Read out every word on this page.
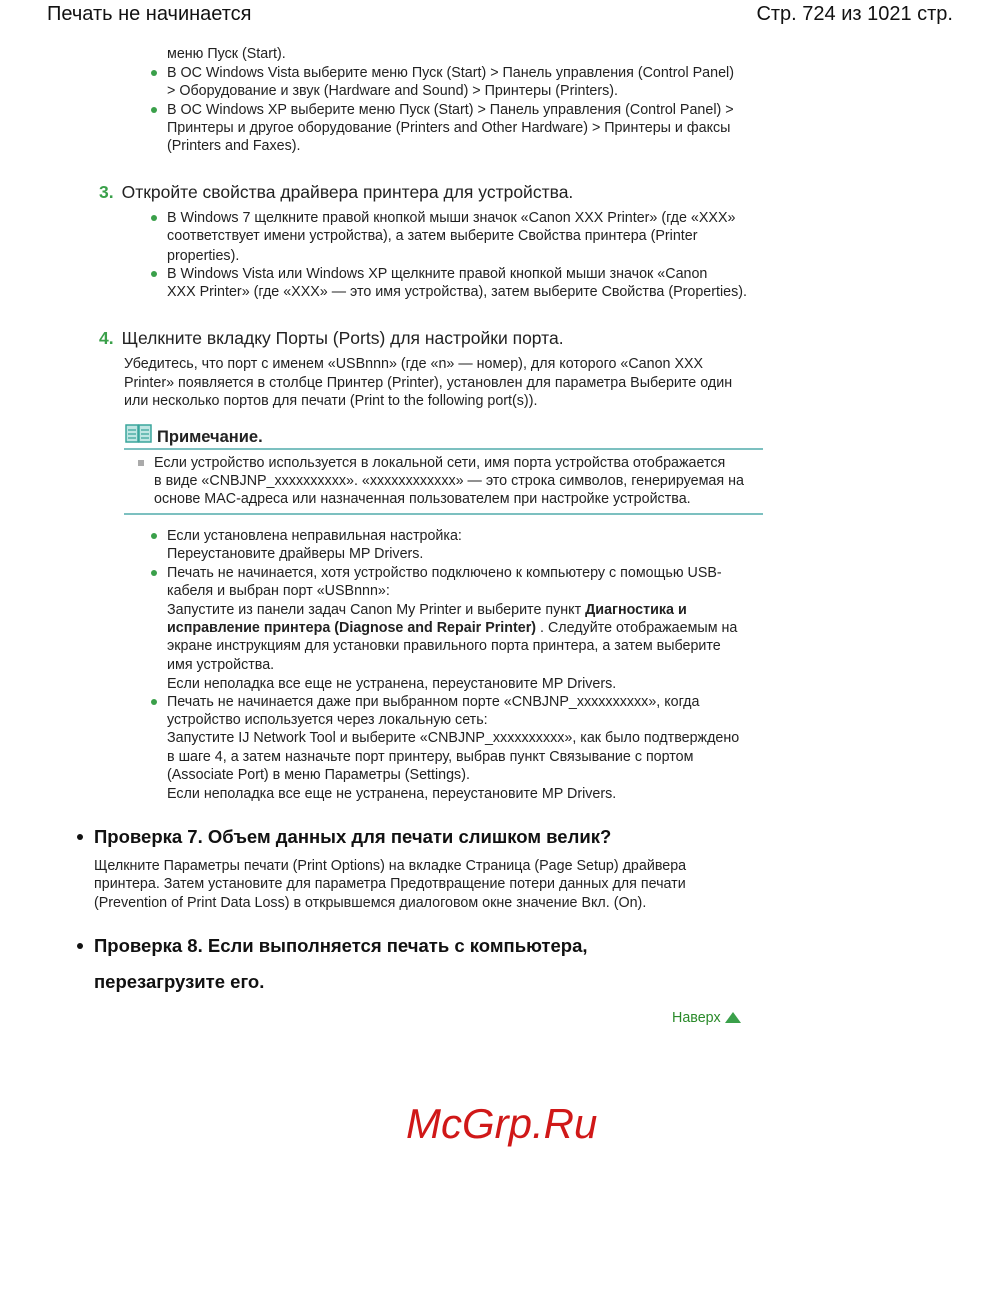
Печать не начинается	Стр. 724 из 1021 стр.
меню Пуск (Start).
В ОС Windows Vista выберите меню Пуск (Start) > Панель управления (Control Panel)
> Оборудование и звук (Hardware and Sound) > Принтеры (Printers).
В ОС Windows XP выберите меню Пуск (Start) > Панель управления (Control Panel) >
Принтеры и другое оборудование (Printers and Other Hardware) > Принтеры и факсы
(Printers and Faxes).
3. Откройте свойства драйвера принтера для устройства.
В Windows 7 щелкните правой кнопкой мыши значок «Canon XXX Printer» (где «XXX»
соответствует имени устройства), а затем выберите Свойства принтера (Printer
properties).
В Windows Vista или Windows XP щелкните правой кнопкой мыши значок «Canon
XXX Printer» (где «XXX» — это имя устройства), затем выберите Свойства (Properties).
4. Щелкните вкладку Порты (Ports) для настройки порта.
Убедитесь, что порт с именем «USBnnn» (где «n» — номер), для которого «Canon XXX
Printer» появляется в столбце Принтер (Printer), установлен для параметра Выберите один
или несколько портов для печати (Print to the following port(s)).
Примечание.
Если устройство используется в локальной сети, имя порта устройства отображается
в виде «CNBJNP_xxxxxxxxxx». «xxxxxxxxxxxx» — это строка символов, генерируемая на
основе MAC-адреса или назначенная пользователем при настройке устройства.
Если установлена неправильная настройка:
Переустановите драйверы MP Drivers.
Печать не начинается, хотя устройство подключено к компьютеру с помощью USB-
кабеля и выбран порт «USBnnn»:
Запустите из панели задач Canon My Printer и выберите пункт Диагностика и
исправление принтера (Diagnose and Repair Printer) . Следуйте отображаемым на
экране инструкциям для установки правильного порта принтера, а затем выберите
имя устройства.
Если неполадка все еще не устранена, переустановите MP Drivers.
Печать не начинается даже при выбранном порте «CNBJNP_xxxxxxxxxx», когда
устройство используется через локальную сеть:
Запустите IJ Network Tool и выберите «CNBJNP_xxxxxxxxxx», как было подтверждено
в шаге 4, а затем назначьте порт принтеру, выбрав пункт Связывание с портом
(Associate Port) в меню Параметры (Settings).
Если неполадка все еще не устранена, переустановите MP Drivers.
Проверка 7. Объем данных для печати слишком велик?
Щелкните Параметры печати (Print Options) на вкладке Страница (Page Setup) драйвера
принтера. Затем установите для параметра Предотвращение потери данных для печати
(Prevention of Print Data Loss) в открывшемся диалоговом окне значение Вкл. (On).
Проверка 8. Если выполняется печать с компьютера,
перезагрузите его.
Наверх
McGrp.Ru
